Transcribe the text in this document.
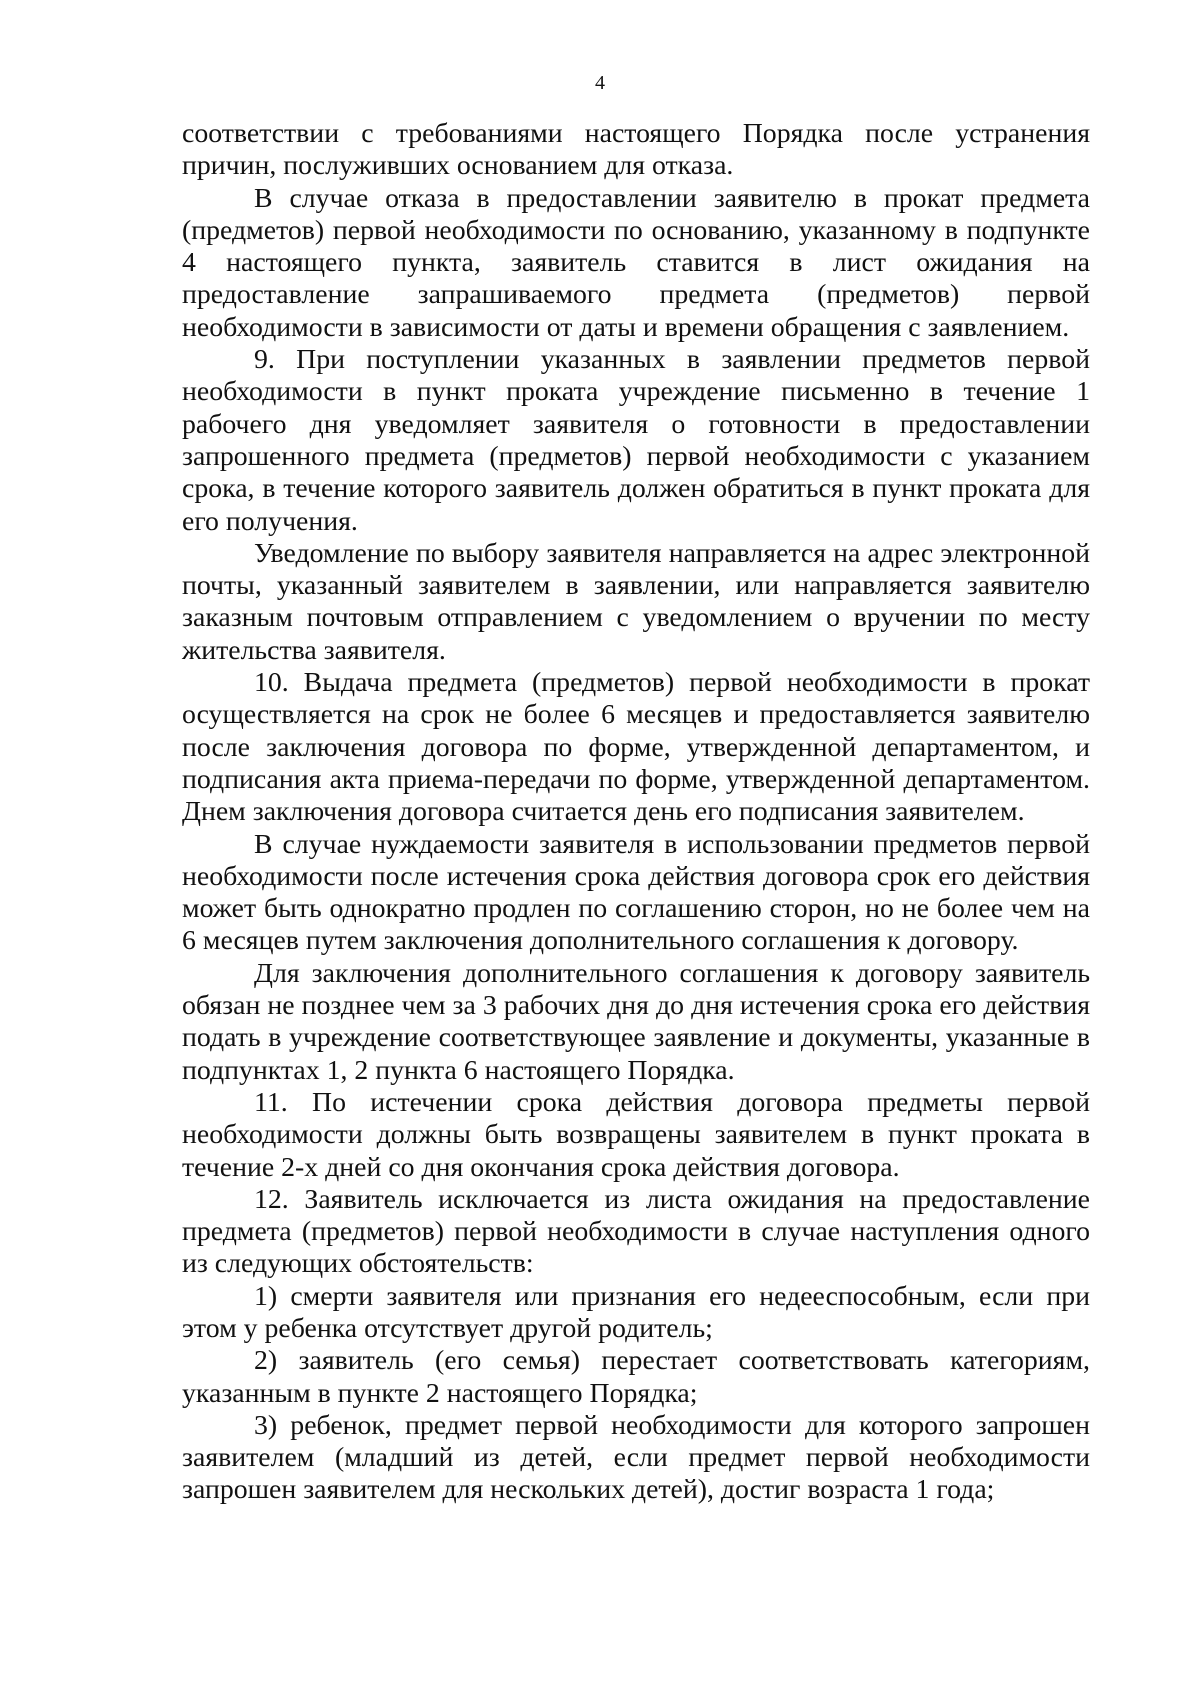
4

соответствии с требованиями настоящего Порядка после устранения причин, послуживших основанием для отказа.

В случае отказа в предоставлении заявителю в прокат предмета (предметов) первой необходимости по основанию, указанному в подпункте 4 настоящего пункта, заявитель ставится в лист ожидания на предоставление запрашиваемого предмета (предметов) первой необходимости в зависимости от даты и времени обращения с заявлением.

9. При поступлении указанных в заявлении предметов первой необходимости в пункт проката учреждение письменно в течение 1 рабочего дня уведомляет заявителя о готовности в предоставлении запрошенного предмета (предметов) первой необходимости с указанием срока, в течение которого заявитель должен обратиться в пункт проката для его получения.

Уведомление по выбору заявителя направляется на адрес электронной почты, указанный заявителем в заявлении, или направляется заявителю заказным почтовым отправлением с уведомлением о вручении по месту жительства заявителя.

10. Выдача предмета (предметов) первой необходимости в прокат осуществляется на срок не более 6 месяцев и предоставляется заявителю после заключения договора по форме, утвержденной департаментом, и подписания акта приема-передачи по форме, утвержденной департаментом. Днем заключения договора считается день его подписания заявителем.

В случае нуждаемости заявителя в использовании предметов первой необходимости после истечения срока действия договора срок его действия может быть однократно продлен по соглашению сторон, но не более чем на 6 месяцев путем заключения дополнительного соглашения к договору.

Для заключения дополнительного соглашения к договору заявитель обязан не позднее чем за 3 рабочих дня до дня истечения срока его действия подать в учреждение соответствующее заявление и документы, указанные в подпунктах 1, 2 пункта 6 настоящего Порядка.

11. По истечении срока действия договора предметы первой необходимости должны быть возвращены заявителем в пункт проката в течение 2-х дней со дня окончания срока действия договора.

12. Заявитель исключается из листа ожидания на предоставление предмета (предметов) первой необходимости в случае наступления одного из следующих обстоятельств:

1) смерти заявителя или признания его недееспособным, если при этом у ребенка отсутствует другой родитель;

2) заявитель (его семья) перестает соответствовать категориям, указанным в пункте 2 настоящего Порядка;

3) ребенок, предмет первой необходимости для которого запрошен заявителем (младший из детей, если предмет первой необходимости запрошен заявителем для нескольких детей), достиг возраста 1 года;
